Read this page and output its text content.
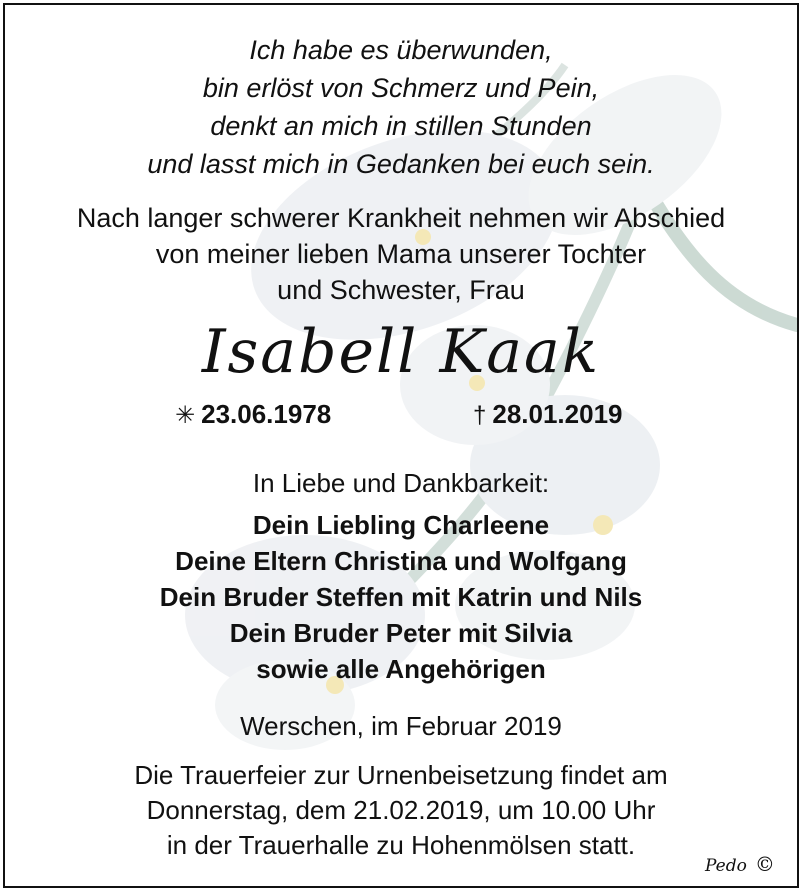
Ich habe es überwunden,
bin erlöst von Schmerz und Pein,
denkt an mich in stillen Stunden
und lasst mich in Gedanken bei euch sein.
Nach langer schwerer Krankheit nehmen wir Abschied
von meiner lieben Mama unserer Tochter
und Schwester, Frau
Isabell Kaak
✳ 23.06.1978	† 28.01.2019
In Liebe und Dankbarkeit:
Dein Liebling Charleene
Deine Eltern Christina und Wolfgang
Dein Bruder Steffen mit Katrin und Nils
Dein Bruder Peter mit Silvia
sowie alle Angehörigen
Werschen, im Februar 2019
Die Trauerfeier zur Urnenbeisetzung findet am
Donnerstag, dem 21.02.2019, um 10.00 Uhr
in der Trauerhalle zu Hohenmölsen statt.
Pedo ©
